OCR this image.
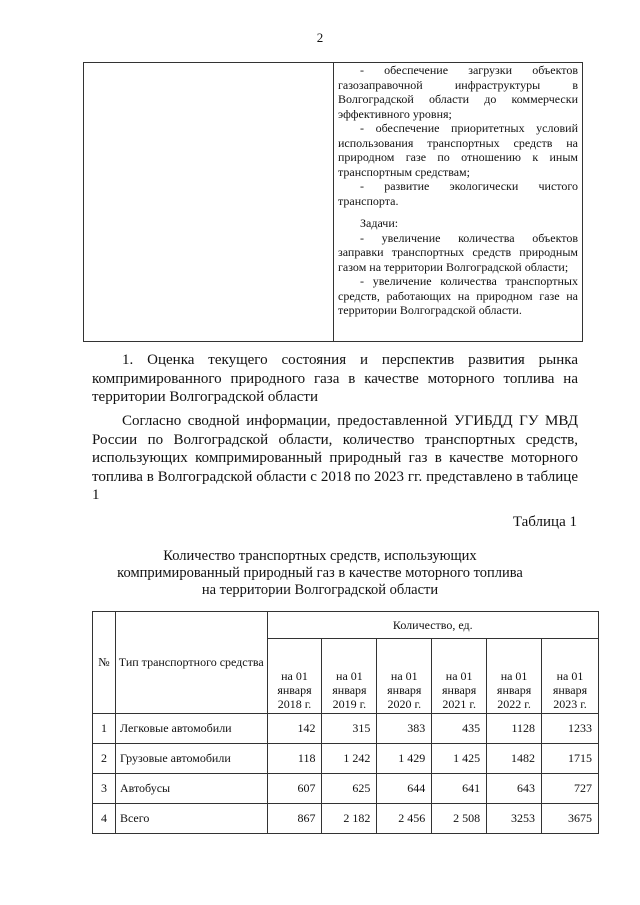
2

- обеспечение загрузки объектов газозаправочной инфраструктуры в Волгоградской области до коммерчески эффективного уровня;

- обеспечение приоритетных условий использования транспортных средств на природном газе по отношению к иным транспортным средствам;

- развитие экологически чистого транспорта.

Задачи:

- увеличение количества объектов заправки транспортных средств природным газом на территории Волгоградской области;

- увеличение количества транспортных средств, работающих на природном газе на территории Волгоградской области.

1. Оценка текущего состояния и перспектив развития рынка компримированного природного газа в качестве моторного топлива на территории Волгоградской области

Согласно сводной информации, предоставленной УГИБДД ГУ МВД России по Волгоградской области, количество транспортных средств, использующих компримированный природный газ в качестве моторного топлива в Волгоградской области с 2018 по 2023 гг. представлено в таблице 1

Таблица 1
Количество транспортных средств, использующих
компримированный природный газ в качестве моторного топлива
на территории Волгоградской области
№	Тип транспортного средства	Количество, ед.					
		на 01 января 2018 г.	на 01 января 2019 г.	на 01 января 2020 г.	на 01 января 2021 г.	на 01 января 2022 г.	на 01 января 2023 г.
1	Легковые автомобили	142	315	383	435	1128	1233
2	Грузовые автомобили	118	1 242	1 429	1 425	1482	1715
3	Автобусы	607	625	644	641	643	727
4	Всего	867	2 182	2 456	2 508	3253	3675
